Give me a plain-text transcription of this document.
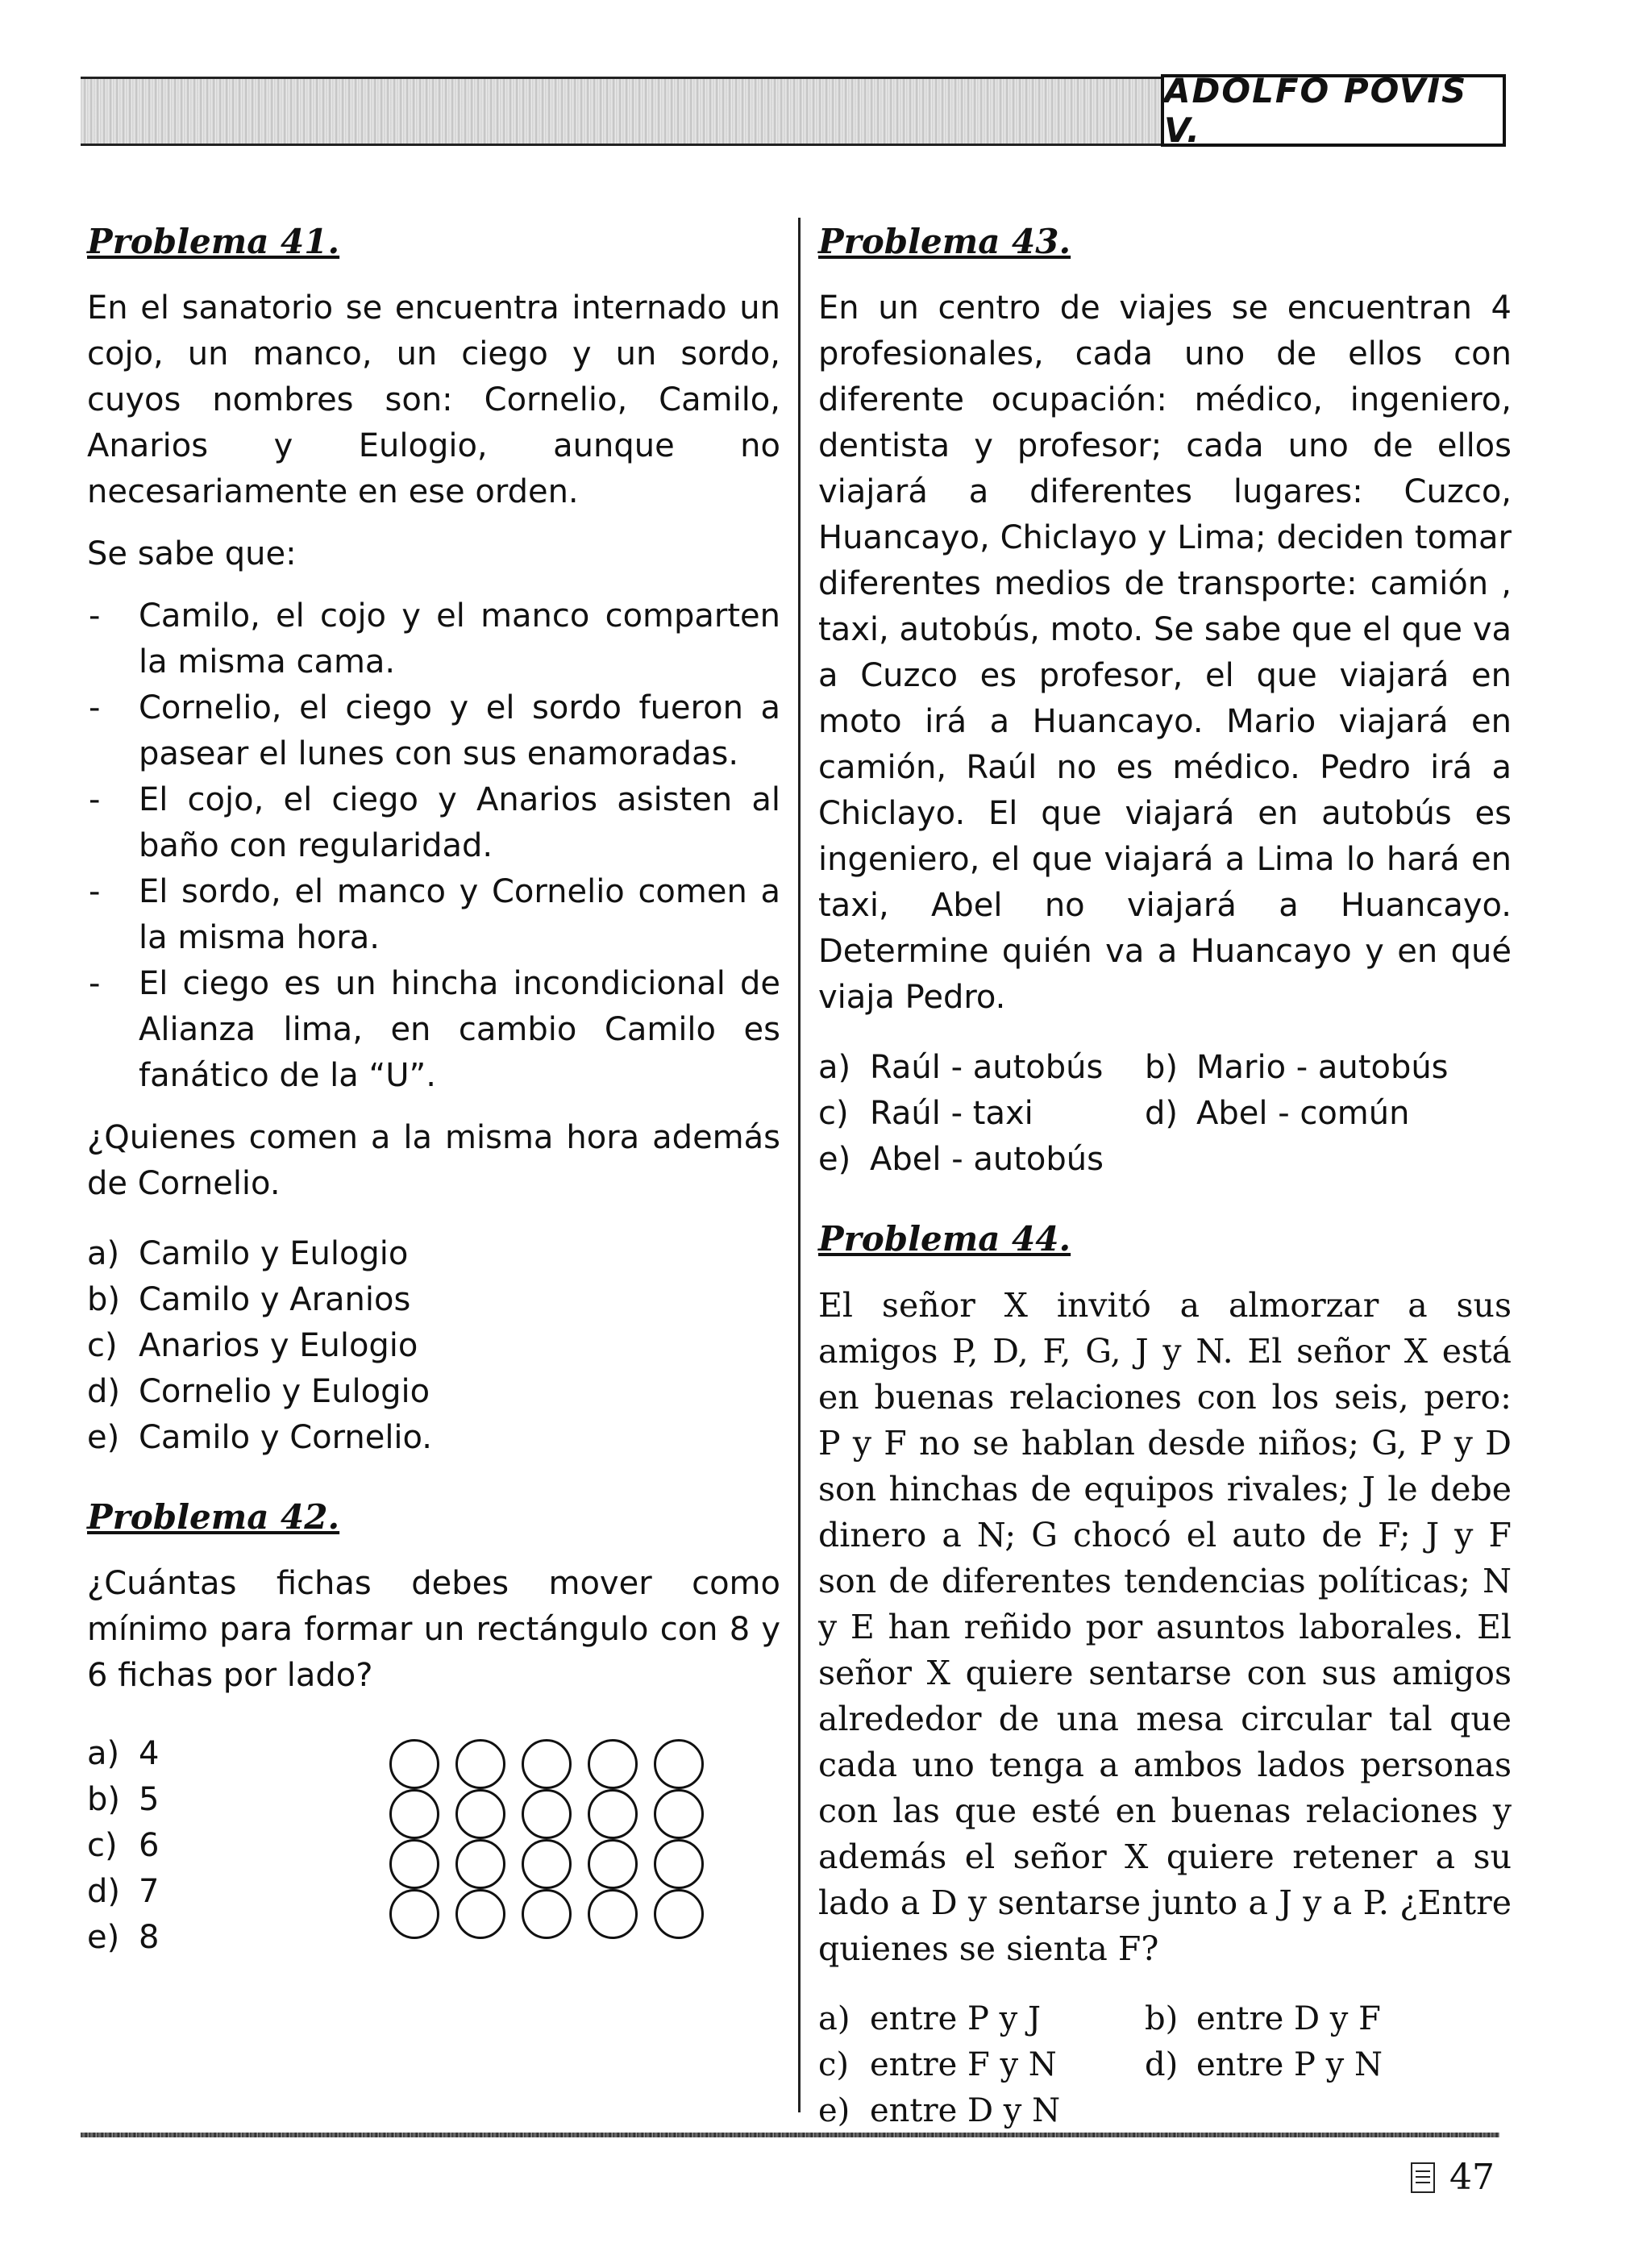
ADOLFO POVIS V.
Problema 41.

En el sanatorio se encuentra internado un cojo, un manco, un ciego y un sordo, cuyos nombres son: Cornelio, Camilo, Anarios y Eulogio, aunque no necesariamente en ese orden.

Se sabe que:

- Camilo, el cojo y el manco comparten la misma cama.
- Cornelio, el ciego y el sordo fueron a pasear el lunes con sus enamoradas.
- El cojo, el ciego y Anarios asisten al baño con regularidad.
- El sordo, el manco y Cornelio comen a la misma hora.
- El ciego es un hincha incondicional de Alianza lima, en cambio Camilo es fanático de la “U”.

¿Quienes comen a la misma hora además de Cornelio.

a) Camilo y Eulogio
b) Camilo y Aranios
c) Anarios y Eulogio
d) Cornelio y Eulogio
e) Camilo y Cornelio.
Problema 42.

¿Cuántas fichas debes mover como mínimo para formar un rectángulo con 8 y 6 fichas por lado?

a) 4
b) 5
c) 6
d) 7
e) 8
Problema 43.

En un centro de viajes se encuentran 4 profesionales, cada uno de ellos con diferente ocupación: médico, ingeniero, dentista y profesor; cada uno de ellos viajará a diferentes lugares: Cuzco, Huancayo, Chiclayo y Lima; deciden tomar diferentes medios de transporte: camión , taxi, autobús, moto. Se sabe que el que va a Cuzco es profesor, el que viajará en moto irá a Huancayo. Mario viajará en camión, Raúl no es médico. Pedro irá a Chiclayo. El que viajará en autobús es ingeniero, el que viajará a Lima lo hará en taxi, Abel no viajará a Huancayo. Determine quién va a Huancayo y en qué viaja Pedro.

a) Raúl - autobús b) Mario - autobús
c) Raúl - taxi	d) Abel - común
e) Abel - autobús
Problema 44.

El señor X invitó a almorzar a sus amigos P, D, F, G, J y N. El señor X está en buenas relaciones con los seis, pero: P y F no se hablan desde niños; G, P y D son hinchas de equipos rivales; J le debe dinero a N; G chocó el auto de F; J y F son de diferentes tendencias políticas; N y E han reñido por asuntos laborales. El señor X quiere sentarse con sus amigos alrededor de una mesa circular tal que cada uno tenga a ambos lados personas con las que esté en buenas relaciones y además el señor X quiere retener a su lado a D y sentarse junto a J y a P. ¿Entre quienes se sienta F?

a) entre P y J	b) entre D y F
c) entre F y N	d) entre P y N
e) entre D y N
47
